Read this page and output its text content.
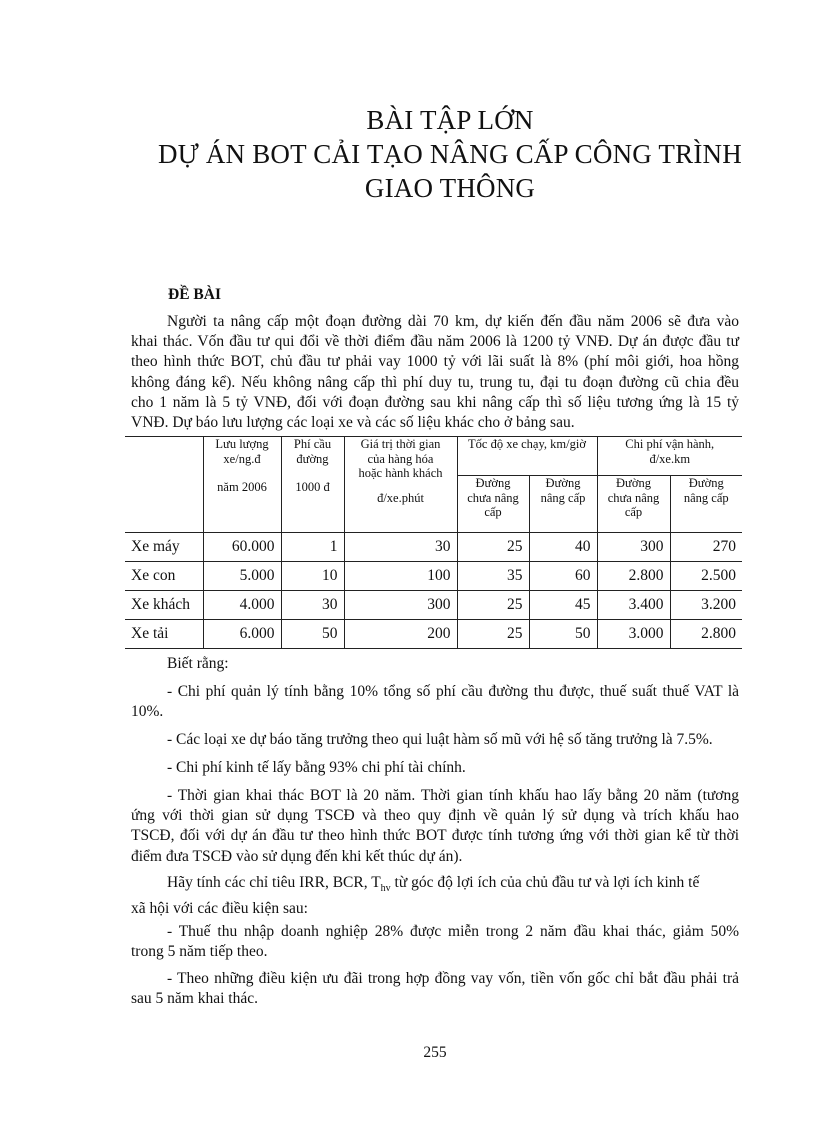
BÀI TẬP LỚN
DỰ ÁN BOT CẢI TẠO NÂNG CẤP CÔNG TRÌNH
GIAO THÔNG
ĐỀ BÀI
Người ta nâng cấp một đoạn đường dài 70 km, dự kiến đến đầu năm 2006 sẽ đưa vào
khai thác. Vốn đầu tư qui đổi về thời điểm đầu năm 2006 là 1200 tỷ VNĐ. Dự án được đầu tư
theo hình thức BOT, chủ đầu tư phải vay 1000 tỷ với lãi suất là 8% (phí môi giới, hoa hồng
không đáng kể). Nếu không nâng cấp thì phí duy tu, trung tu, đại tu đoạn đường cũ chia đều
cho 1 năm là 5 tỷ VNĐ, đối với đoạn đường sau khi nâng cấp thì số liệu tương ứng là 15 tỷ
VNĐ. Dự báo lưu lượng các loại xe và các số liệu khác cho ở bảng sau.

	Lưu lượng
xe/ng.đ
năm 2006	Phí cầu
đường
1000 đ	Giá trị thời gian
của hàng hóa
hoặc hành khách
đ/xe.phút	Tốc độ xe chạy, km/giờ		Chi phí vận hành,
đ/xe.km	

				Đường
chưa nâng
cấp	Đường
nâng cấp	Đường
chưa nâng
cấp	Đường
nâng cấp

Xe máy	60.000	1	30	25	40	300	270
Xe con	5.000	10	100	35	60	2.800	2.500
Xe khách	4.000	30	300	25	45	3.400	3.200
Xe tải	6.000	50	200	25	50	3.000	2.800
Biết rằng:
- Chi phí quản lý tính bằng 10% tổng số phí cầu đường thu được, thuế suất thuế VAT là
10%.
- Các loại xe dự báo tăng trưởng theo qui luật hàm số mũ với hệ số tăng trưởng là 7.5%.
- Chi phí kinh tế lấy bằng 93% chi phí tài chính.
- Thời gian khai thác BOT là 20 năm. Thời gian tính khấu hao lấy bằng 20 năm (tương
ứng với thời gian sử dụng TSCĐ và theo quy định về quản lý sử dụng và trích khấu hao
TSCĐ, đối với dự án đầu tư theo hình thức BOT được tính tương ứng với thời gian kể từ thời
điểm đưa TSCĐ vào sử dụng đến khi kết thúc dự án).
Hãy tính các chỉ tiêu IRR, BCR, $T_{hv}$ từ góc độ lợi ích của chủ đầu tư và lợi ích kinh tế
xã hội với các điều kiện sau:
- Thuế thu nhập doanh nghiệp 28% được miễn trong 2 năm đầu khai thác, giảm 50%
trong 5 năm tiếp theo.
- Theo những điều kiện ưu đãi trong hợp đồng vay vốn, tiền vốn gốc chỉ bắt đầu phải trả
sau 5 năm khai thác.
255
